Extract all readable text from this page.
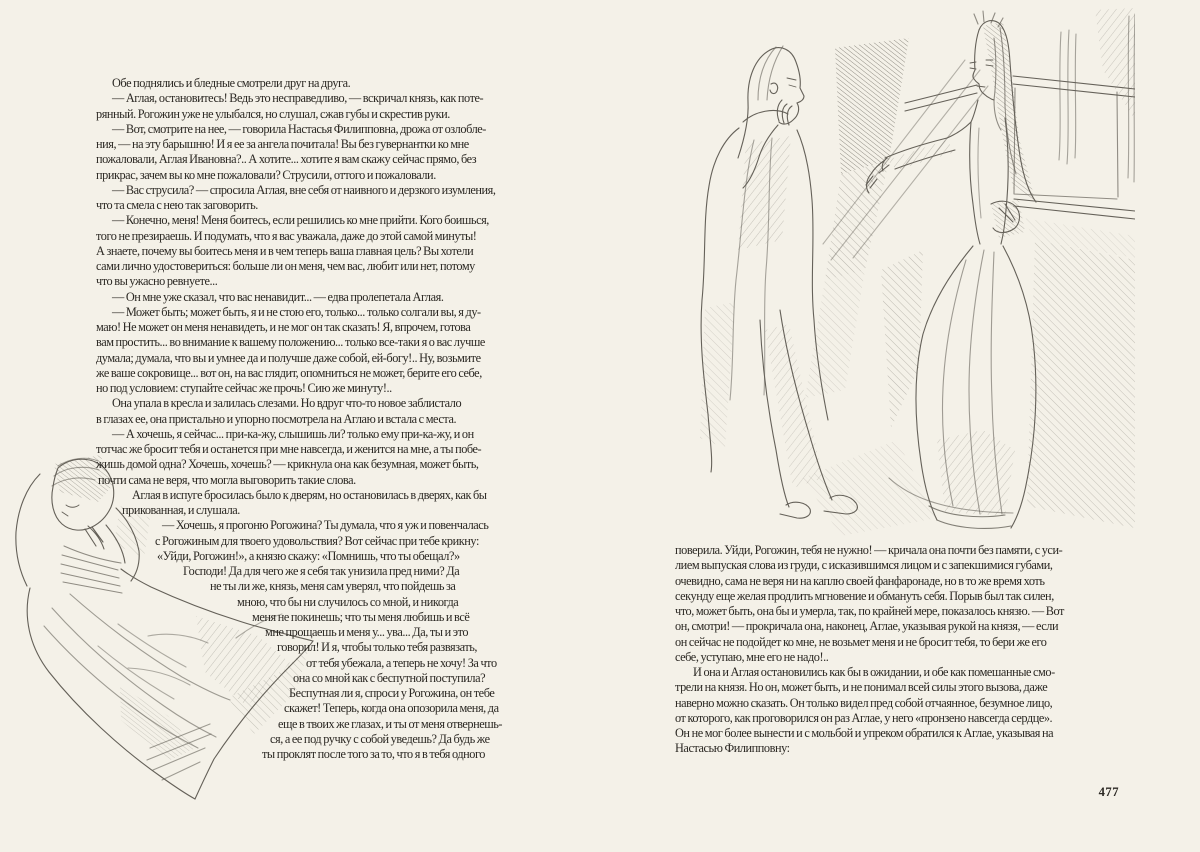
Обе поднялись и бледные смотрели друг на друга.
— Аглая, остановитесь! Ведь это несправедливо, — вскричал князь, как поте-
рянный. Рогожин уже не улыбался, но слушал, сжав губы и скрестив руки.
— Вот, смотрите на нее, — говорила Настасья Филипповна, дрожа от озлобле-
ния, — на эту барышню! И я ее за ангела почитала! Вы без гувернантки ко мне
пожаловали, Аглая Ивановна?.. А хотите... хотите я вам скажу сейчас прямо, без
прикрас, зачем вы ко мне пожаловали? Струсили, оттого и пожаловали.
— Вас струсила? — спросила Аглая, вне себя от наивного и дерзкого изумления,
что та смела с нею так заговорить.
— Конечно, меня! Меня боитесь, если решились ко мне прийти. Кого боишься,
того не презираешь. И подумать, что я вас уважала, даже до этой самой минуты!
А знаете, почему вы боитесь меня и в чем теперь ваша главная цель? Вы хотели
сами лично удостовериться: больше ли он меня, чем вас, любит или нет, потому
что вы ужасно ревнуете...
— Он мне уже сказал, что вас ненавидит... — едва пролепетала Аглая.
— Может быть; может быть, я и не стою его, только... только солгали вы, я ду-
маю! Не может он меня ненавидеть, и не мог он так сказать! Я, впрочем, готова
вам простить... во внимание к вашему положению... только все-таки я о вас лучше
думала; думала, что вы и умнее да и получше даже собой, ей-богу!.. Ну, возьмите
же ваше сокровище... вот он, на вас глядит, опомниться не может, берите его себе,
но под условием: ступайте сейчас же прочь! Сию же минуту!..
Она упала в кресла и залилась слезами. Но вдруг что-то новое заблистало
в глазах ее, она пристально и упорно посмотрела на Аглаю и встала с места.
— А хочешь, я сейчас... при-ка-жу, слышишь ли? только ему при-ка-жу, и он
тотчас же бросит тебя и останется при мне навсегда, и женится на мне, а ты побе-
жишь домой одна? Хочешь, хочешь? — крикнула она как безумная, может быть,
почти сама не веря, что могла выговорить такие слова.
Аглая в испуге бросилась было к дверям, но остановилась в дверях, как бы
прикованная, и слушала.
— Хочешь, я прогоню Рогожина? Ты думала, что я уж и повенчалась
с Рогожиным для твоего удовольствия? Вот сейчас при тебе крикну:
«Уйди, Рогожин!», а князю скажу: «Помнишь, что ты обещал?»
Господи! Да для чего же я себя так унизила пред ними? Да
не ты ли же, князь, меня сам уверял, что пойдешь за
мною, что бы ни случилось со мной, и никогда
меня не покинешь; что ты меня любишь и всё
мне прощаешь и меня у... ува... Да, ты и это
говорил! И я, чтобы только тебя развязать,
от тебя убежала, а теперь не хочу! За что
она со мной как с беспутной поступила?
Беспутная ли я, спроси у Рогожина, он тебе
скажет! Теперь, когда она опозорила меня, да
еще в твоих же глазах, и ты от меня отвернешь-
ся, а ее под ручку с собой уведешь? Да будь же
ты проклят после того за то, что я в тебя одного
поверила. Уйди, Рогожин, тебя не нужно! — кричала она почти без памяти, с уси-
лием выпуская слова из груди, с исказившимся лицом и с запекшимися губами,
очевидно, сама не веря ни на каплю своей фанфаронаде, но в то же время хоть
секунду еще желая продлить мгновение и обмануть себя. Порыв был так силен,
что, может быть, она бы и умерла, так, по крайней мере, показалось князю. — Вот
он, смотри! — прокричала она, наконец, Аглае, указывая рукой на князя, — если
он сейчас не подойдет ко мне, не возьмет меня и не бросит тебя, то бери же его
себе, уступаю, мне его не надо!..
И она и Аглая остановились как бы в ожидании, и обе как помешанные смо-
трели на князя. Но он, может быть, и не понимал всей силы этого вызова, даже
наверно можно сказать. Он только видел пред собой отчаянное, безумное лицо,
от которого, как проговорился он раз Аглае, у него «пронзено навсегда сердце».
Он не мог более вынести и с мольбой и упреком обратился к Аглае, указывая на
Настасью Филипповну:
477
